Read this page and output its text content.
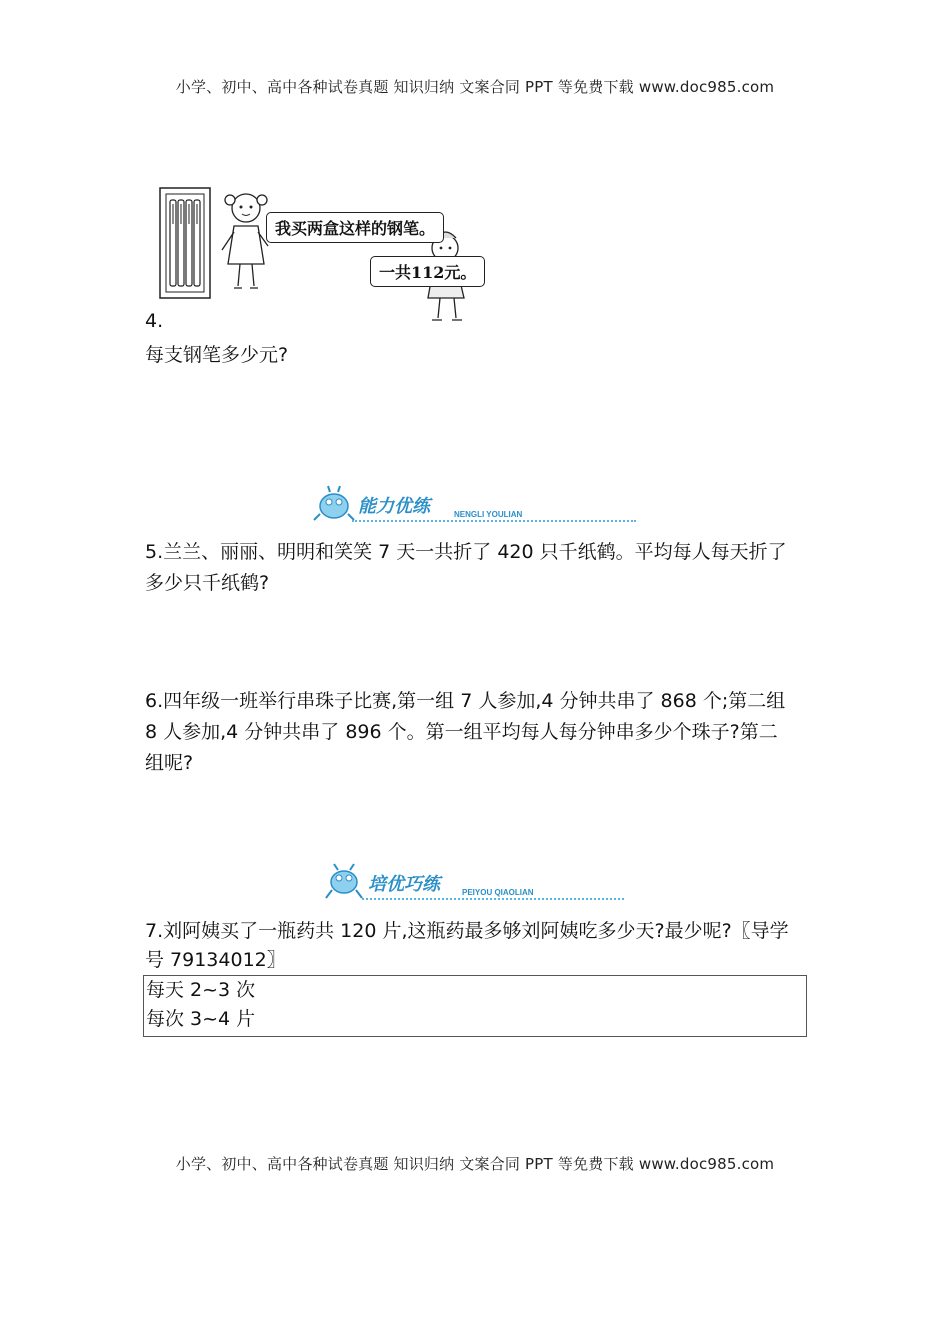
小学、初中、高中各种试卷真题 知识归纳 文案合同 PPT 等免费下载 www.doc985.com
我买两盒这样的钢笔。
一共112元。
4.
每支钢笔多少元?
能力优练	NENGLI YOULIAN
5.兰兰、丽丽、明明和笑笑 7 天一共折了 420 只千纸鹤。平均每人每天折了
多少只千纸鹤?
6.四年级一班举行串珠子比赛,第一组 7 人参加,4 分钟共串了 868 个;第二组
8 人参加,4 分钟共串了 896 个。第一组平均每人每分钟串多少个珠子?第二
组呢?
培优巧练	PEIYOU QIAOLIAN
7.刘阿姨买了一瓶药共 120 片,这瓶药最多够刘阿姨吃多少天?最少呢?〖导学
号 79134012〗
每天 2~3 次
每次 3~4 片
小学、初中、高中各种试卷真题 知识归纳 文案合同 PPT 等免费下载 www.doc985.com
